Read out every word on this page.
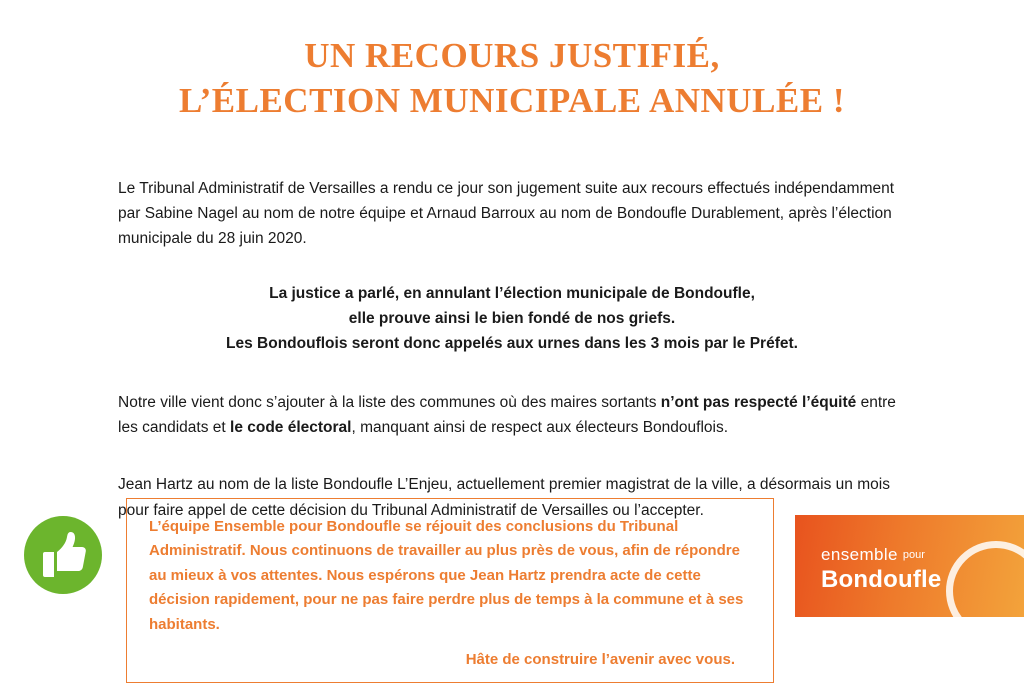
UN RECOURS JUSTIFIÉ,
L’ÉLECTION MUNICIPALE ANNULÉE !

Le Tribunal Administratif de Versailles a rendu ce jour son jugement suite aux recours effectués indépendamment par Sabine Nagel au nom de notre équipe et Arnaud Barroux au nom de Bondoufle Durablement, après l’élection municipale du 28 juin 2020.

La justice a parlé, en annulant l’élection municipale de Bondoufle,
elle prouve ainsi le bien fondé de nos griefs.
Les Bondouflois seront donc appelés aux urnes dans les 3 mois par le Préfet.

Notre ville vient donc s’ajouter à la liste des communes où des maires sortants n’ont pas respecté l’équité entre les candidats et le code électoral, manquant ainsi de respect aux électeurs Bondouflois.

Jean Hartz au nom de la liste Bondoufle L’Enjeu, actuellement premier magistrat de la ville, a désormais un mois pour faire appel de cette décision du Tribunal Administratif de Versailles ou l’accepter.

L’équipe Ensemble pour Bondoufle se réjouit des conclusions du Tribunal Administratif. Nous continuons de travailler au plus près de vous, afin de répondre au mieux à vos attentes. Nous espérons que Jean Hartz prendra acte de cette décision rapidement, pour ne pas faire perdre plus de temps à la commune et à ses habitants.

Hâte de construire l’avenir avec vous.

ensemble pour
Bondoufle
